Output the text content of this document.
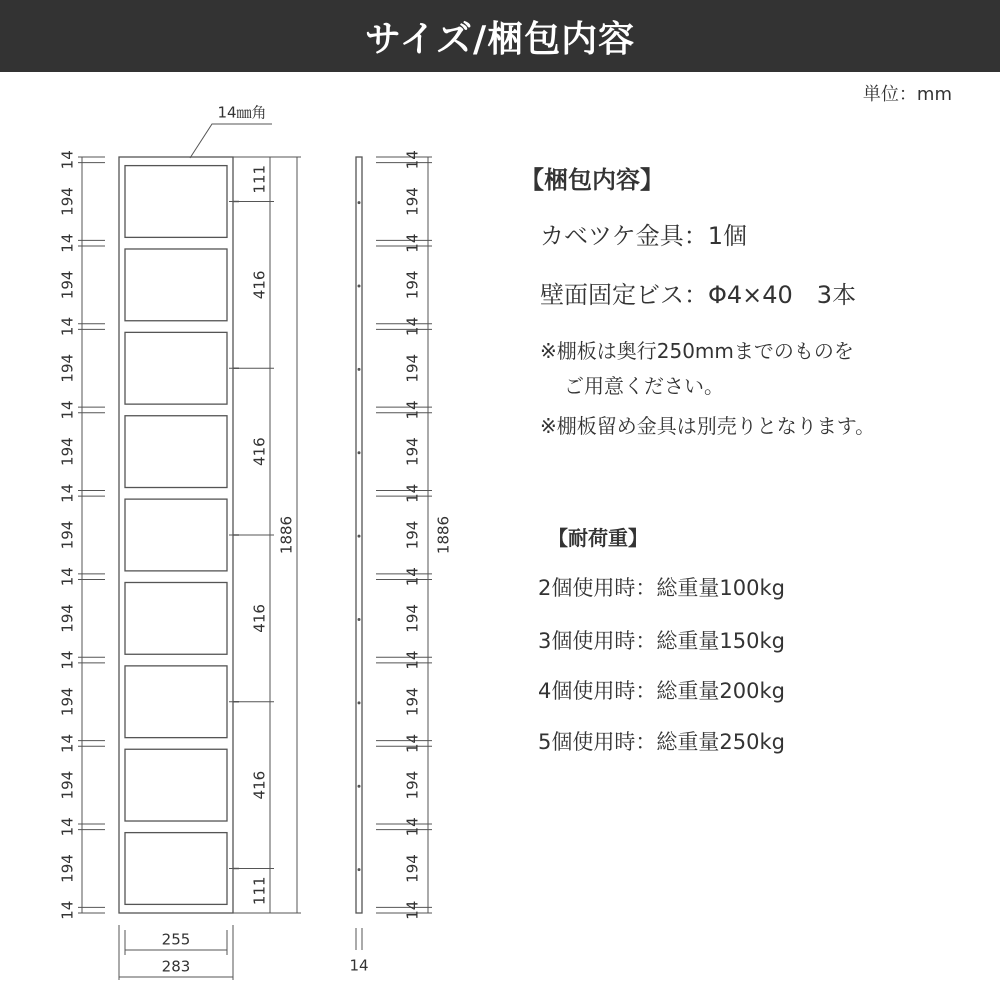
サイズ/梱包内容
単位：mm
14㎜角
14
194
14
194
14
194
14
194
14
194
14
194
14
194
14
194
14
194
14
111
416
416
416
416
111
1886
255
283	14
14
194
14
194
14
194
14
194
14
194
14
194
14
194
14
194
14
194
14
1886
【梱包内容】
カベツケ金具：1個
壁面固定ビス：Φ4×40　3本
※棚板は奥行250mmまでのものを
ご用意ください。
※棚板留め金具は別売りとなります。
【耐荷重】
2個使用時：総重量100kg
3個使用時：総重量150kg
4個使用時：総重量200kg
5個使用時：総重量250kg
